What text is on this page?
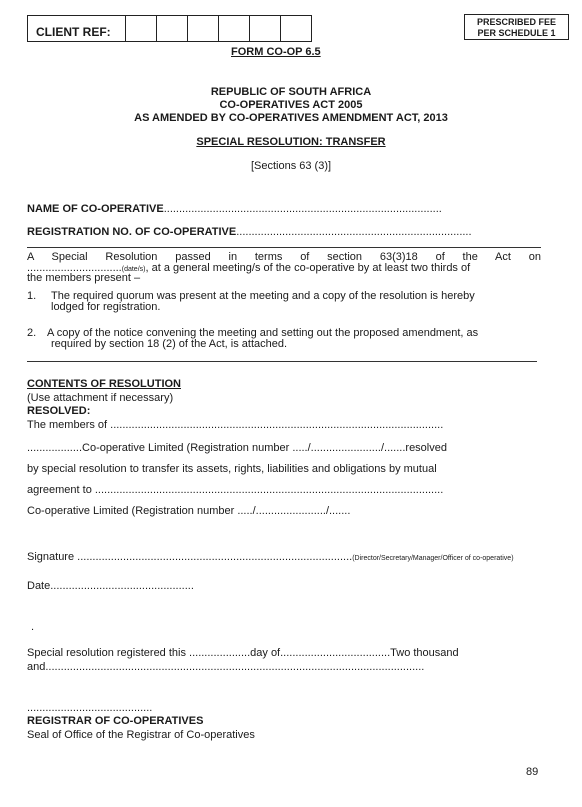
CLIENT REF:
PRESCRIBED FEE
PER SCHEDULE 1
FORM CO-OP 6.5
REPUBLIC OF SOUTH AFRICA
CO-OPERATIVES ACT 2005
AS AMENDED BY CO-OPERATIVES AMENDMENT ACT, 2013
SPECIAL RESOLUTION: TRANSFER
[Sections 63 (3)]
NAME OF CO-OPERATIVE...........................................................................................
REGISTRATION NO. OF CO-OPERATIVE.............................................................................
A Special Resolution passed in terms of section 63(3)18 of the Act on
...............................(date/s), at a general meeting/s of the co-operative by at least two thirds of
the members present –
1. The required quorum was present at the meeting and a copy of the resolution is hereby
lodged for registration.
2. A copy of the notice convening the meeting and setting out the proposed amendment, as
required by section 18 (2) of the Act, is attached.
CONTENTS OF RESOLUTION
(Use attachment if necessary)
RESOLVED:
The members of .............................................................................................................
..................Co-operative Limited (Registration number ...../......................./.......resolved
by special resolution to transfer its assets, rights, liabilities and obligations by mutual
agreement to ..................................................................................................................
Co-operative Limited (Registration number ...../......................./.......
Signature ..........................................................................................(Director/Secretary/Manager/Officer of co-operative)
Date...............................................
.
Special resolution registered this ....................day of....................................Two thousand
and............................................................................................................................
.........................................
REGISTRAR OF CO-OPERATIVES
Seal of Office of the Registrar of Co-operatives
89
